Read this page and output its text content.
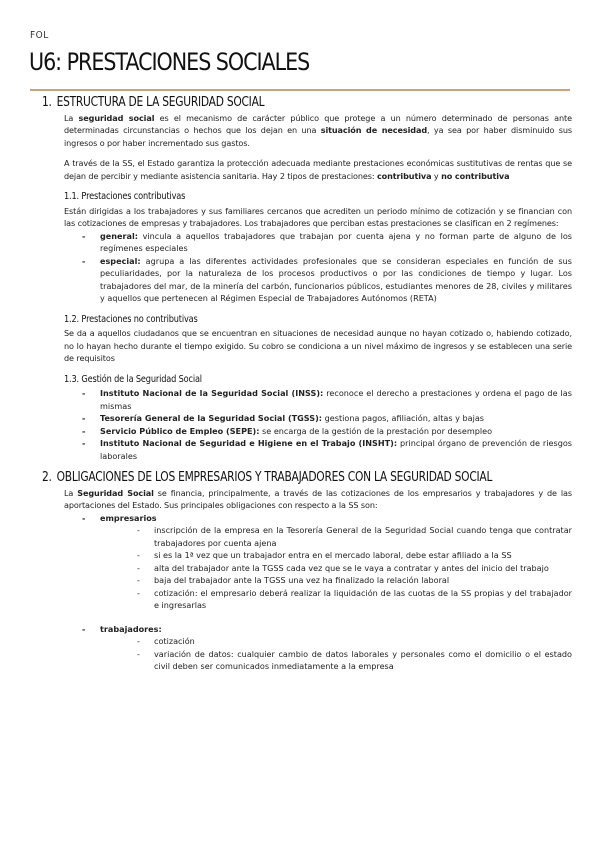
FOL
U6: PRESTACIONES SOCIALES
1. ESTRUCTURA DE LA SEGURIDAD SOCIAL

La seguridad social es el mecanismo de carácter público que protege a un número determinado de personas ante determinadas circunstancias o hechos que los dejan en una situación de necesidad, ya sea por haber disminuido sus ingresos o por haber incrementado sus gastos.

A través de la SS, el Estado garantiza la protección adecuada mediante prestaciones económicas sustitutivas de rentas que se dejan de percibir y mediante asistencia sanitaria. Hay 2 tipos de prestaciones: contributiva y no contributiva

1.1. Prestaciones contributivas

Están dirigidas a los trabajadores y sus familiares cercanos que acrediten un periodo mínimo de cotización y se financian con las cotizaciones de empresas y trabajadores. Los trabajadores que perciban estas prestaciones se clasifican en 2 regímenes:

- general: vincula a aquellos trabajadores que trabajan por cuenta ajena y no forman parte de alguno de los regímenes especiales
- especial: agrupa a las diferentes actividades profesionales que se consideran especiales en función de sus peculiaridades, por la naturaleza de los procesos productivos o por las condiciones de tiempo y lugar. Los trabajadores del mar, de la minería del carbón, funcionarios públicos, estudiantes menores de 28, civiles y militares y aquellos que pertenecen al Régimen Especial de Trabajadores Autónomos (RETA)
1.2. Prestaciones no contributivas

Se da a aquellos ciudadanos que se encuentran en situaciones de necesidad aunque no hayan cotizado o, habiendo cotizado, no lo hayan hecho durante el tiempo exigido. Su cobro se condiciona a un nivel máximo de ingresos y se establecen una serie de requisitos

1.3. Gestión de la Seguridad Social
- Instituto Nacional de la Seguridad Social (INSS): reconoce el derecho a prestaciones y ordena el pago de las mismas
- Tesorería General de la Seguridad Social (TGSS): gestiona pagos, afiliación, altas y bajas
- Servicio Público de Empleo (SEPE): se encarga de la gestión de la prestación por desempleo
- Instituto Nacional de Seguridad e Higiene en el Trabajo (INSHT): principal órgano de prevención de riesgos laborales
2. OBLIGACIONES DE LOS EMPRESARIOS Y TRABAJADORES CON LA SEGURIDAD SOCIAL

La Seguridad Social se financia, principalmente, a través de las cotizaciones de los empresarios y trabajadores y de las aportaciones del Estado. Sus principales obligaciones con respecto a la SS son:

- empresarios
- inscripción de la empresa en la Tesorería General de la Seguridad Social cuando tenga que contratar trabajadores por cuenta ajena
- si es la 1ª vez que un trabajador entra en el mercado laboral, debe estar afiliado a la SS
- alta del trabajador ante la TGSS cada vez que se le vaya a contratar y antes del inicio del trabajo
- baja del trabajador ante la TGSS una vez ha finalizado la relación laboral
- cotización: el empresario deberá realizar la liquidación de las cuotas de la SS propias y del trabajador e ingresarlas
- trabajadores:
- cotización
- variación de datos: cualquier cambio de datos laborales y personales como el domicilio o el estado civil deben ser comunicados inmediatamente a la empresa
